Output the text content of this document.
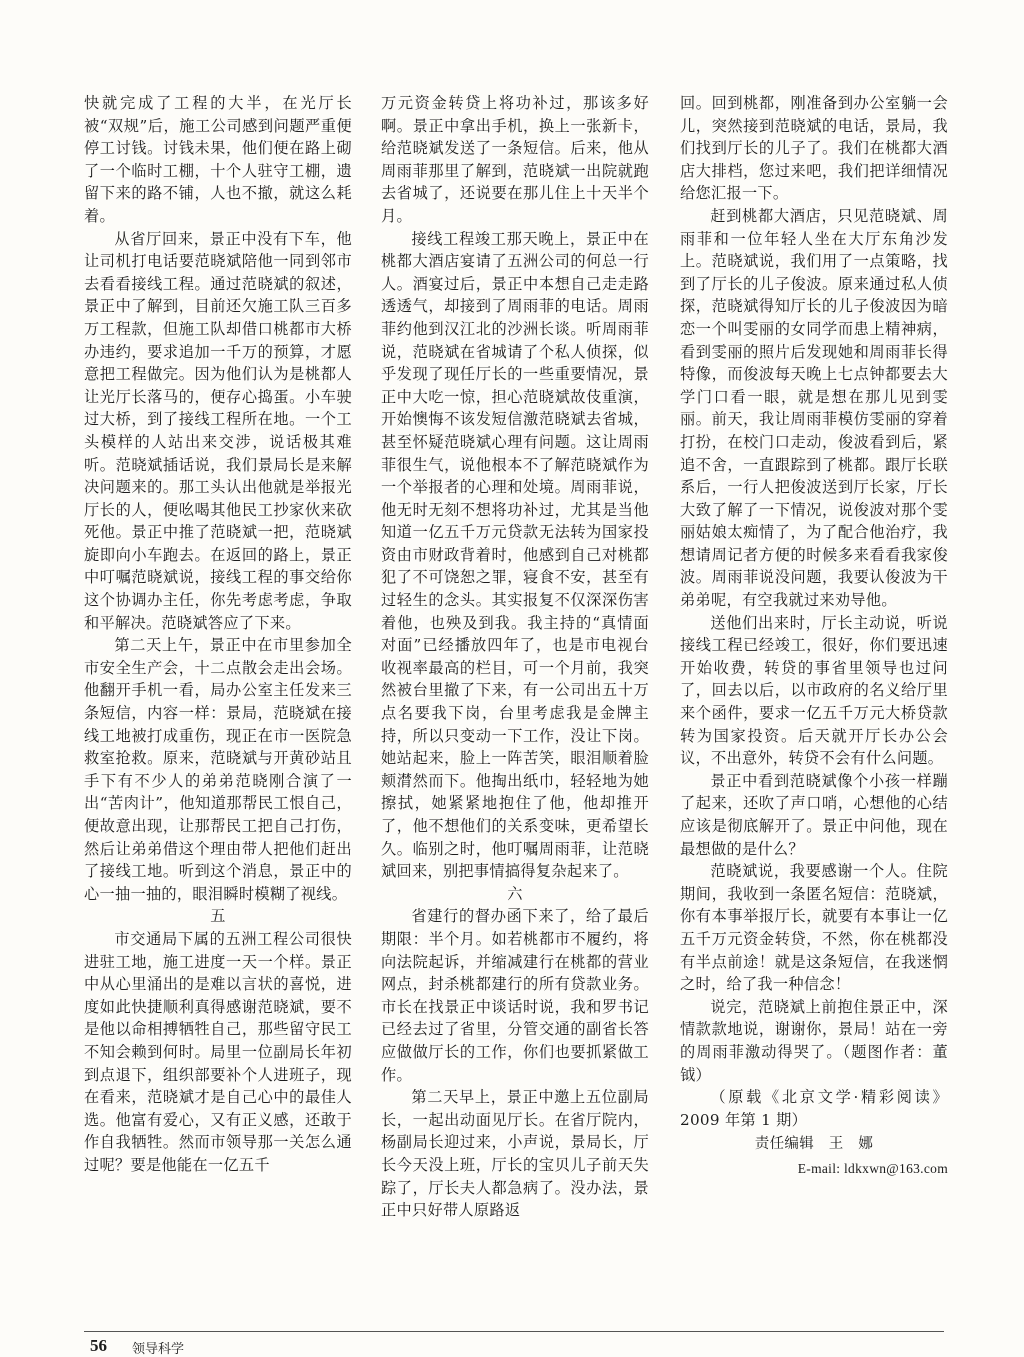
快就完成了工程的大半，在光厅长被“双规”后，施工公司感到问题严重便停工讨钱。讨钱未果，他们便在路上砌了一个临时工棚，十个人驻守工棚，遗留下来的路不铺，人也不撤，就这么耗着。

从省厅回来，景正中没有下车，他让司机打电话要范晓斌陪他一同到邻市去看看接线工程。通过范晓斌的叙述，景正中了解到，目前还欠施工队三百多万工程款，但施工队却借口桃都市大桥办违约，要求追加一千万的预算，才愿意把工程做完。因为他们认为是桃都人让光厅长落马的，便存心捣蛋。小车驶过大桥，到了接线工程所在地。一个工头模样的人站出来交涉，说话极其难听。范晓斌插话说，我们景局长是来解决问题来的。那工头认出他就是举报光厅长的人，便吆喝其他民工抄家伙来砍死他。景正中推了范晓斌一把，范晓斌旋即向小车跑去。在返回的路上，景正中叮嘱范晓斌说，接线工程的事交给你这个协调办主任，你先考虑考虑，争取和平解决。范晓斌答应了下来。

第二天上午，景正中在市里参加全市安全生产会，十二点散会走出会场。他翻开手机一看，局办公室主任发来三条短信，内容一样：景局，范晓斌在接线工地被打成重伤，现正在市一医院急救室抢救。原来，范晓斌与开黄砂站且手下有不少人的弟弟范晓刚合演了一出“苦肉计”，他知道那帮民工恨自己，便故意出现，让那帮民工把自己打伤，然后让弟弟借这个理由带人把他们赶出了接线工地。听到这个消息，景正中的心一抽一抽的，眼泪瞬时模糊了视线。

五

市交通局下属的五洲工程公司很快进驻工地，施工进度一天一个样。景正中从心里涌出的是难以言状的喜悦，进度如此快捷顺利真得感谢范晓斌，要不是他以命相搏牺牲自己，那些留守民工不知会赖到何时。局里一位副局长年初到点退下，组织部要补个人进班子，现在看来，范晓斌才是自己心中的最佳人选。他富有爱心，又有正义感，还敢于作自我牺牲。然而市领导那一关怎么通过呢？要是他能在一亿五千

万元资金转贷上将功补过，那该多好啊。景正中拿出手机，换上一张新卡，给范晓斌发送了一条短信。后来，他从周雨菲那里了解到，范晓斌一出院就跑去省城了，还说要在那儿住上十天半个月。

接线工程竣工那天晚上，景正中在桃都大酒店宴请了五洲公司的何总一行人。酒宴过后，景正中本想自己走走路透透气，却接到了周雨菲的电话。周雨菲约他到汉江北的沙洲长谈。听周雨菲说，范晓斌在省城请了个私人侦探，似乎发现了现任厅长的一些重要情况，景正中大吃一惊，担心范晓斌故伎重演，开始懊悔不该发短信激范晓斌去省城，甚至怀疑范晓斌心理有问题。这让周雨菲很生气，说他根本不了解范晓斌作为一个举报者的心理和处境。周雨菲说，他无时无刻不想将功补过，尤其是当他知道一亿五千万元贷款无法转为国家投资由市财政背着时，他感到自己对桃都犯了不可饶恕之罪，寝食不安，甚至有过轻生的念头。其实报复不仅深深伤害着他，也殃及到我。我主持的“真情面对面”已经播放四年了，也是市电视台收视率最高的栏目，可一个月前，我突然被台里撤了下来，有一公司出五十万点名要我下岗，台里考虑我是金牌主持，所以只变动一下工作，没让下岗。她站起来，脸上一阵苦笑，眼泪顺着脸颊潸然而下。他掏出纸巾，轻轻地为她擦拭，她紧紧地抱住了他，他却推开了，他不想他们的关系变味，更希望长久。临别之时，他叮嘱周雨菲，让范晓斌回来，别把事情搞得复杂起来了。

六

省建行的督办函下来了，给了最后期限：半个月。如若桃都市不履约，将向法院起诉，并缩减建行在桃都的营业网点，封杀桃都建行的所有贷款业务。市长在找景正中谈话时说，我和罗书记已经去过了省里，分管交通的副省长答应做做厅长的工作，你们也要抓紧做工作。

第二天早上，景正中邀上五位副局长，一起出动面见厅长。在省厅院内，杨副局长迎过来，小声说，景局长，厅长今天没上班，厅长的宝贝儿子前天失踪了，厅长夫人都急病了。没办法，景正中只好带人原路返

回。回到桃都，刚准备到办公室躺一会儿，突然接到范晓斌的电话，景局，我们找到厅长的儿子了。我们在桃都大酒店大排档，您过来吧，我们把详细情况给您汇报一下。

赶到桃都大酒店，只见范晓斌、周雨菲和一位年轻人坐在大厅东角沙发上。范晓斌说，我们用了一点策略，找到了厅长的儿子俊波。原来通过私人侦探，范晓斌得知厅长的儿子俊波因为暗恋一个叫雯丽的女同学而患上精神病，看到雯丽的照片后发现她和周雨菲长得特像，而俊波每天晚上七点钟都要去大学门口看一眼，就是想在那儿见到雯丽。前天，我让周雨菲模仿雯丽的穿着打扮，在校门口走动，俊波看到后，紧追不舍，一直跟踪到了桃都。跟厅长联系后，一行人把俊波送到厅长家，厅长大致了解了一下情况，说俊波对那个雯丽姑娘太痴情了，为了配合他治疗，我想请周记者方便的时候多来看看我家俊波。周雨菲说没问题，我要认俊波为干弟弟呢，有空我就过来劝导他。

送他们出来时，厅长主动说，听说接线工程已经竣工，很好，你们要迅速开始收费，转贷的事省里领导也过问了，回去以后，以市政府的名义给厅里来个函件，要求一亿五千万元大桥贷款转为国家投资。后天就开厅长办公会议，不出意外，转贷不会有什么问题。

景正中看到范晓斌像个小孩一样蹦了起来，还吹了声口哨，心想他的心结应该是彻底解开了。景正中问他，现在最想做的是什么？

范晓斌说，我要感谢一个人。住院期间，我收到一条匿名短信：范晓斌，你有本事举报厅长，就要有本事让一亿五千万元资金转贷，不然，你在桃都没有半点前途！就是这条短信，在我迷惘之时，给了我一种信念！

说完，范晓斌上前抱住景正中，深情款款地说，谢谢你，景局！站在一旁的周雨菲激动得哭了。（题图作者：董　钺）

（原载《北京文学·精彩阅读》2009 年第 1 期）

责任编辑　王　娜

E-mail: ldkxwn@163.com

56 领导科学
